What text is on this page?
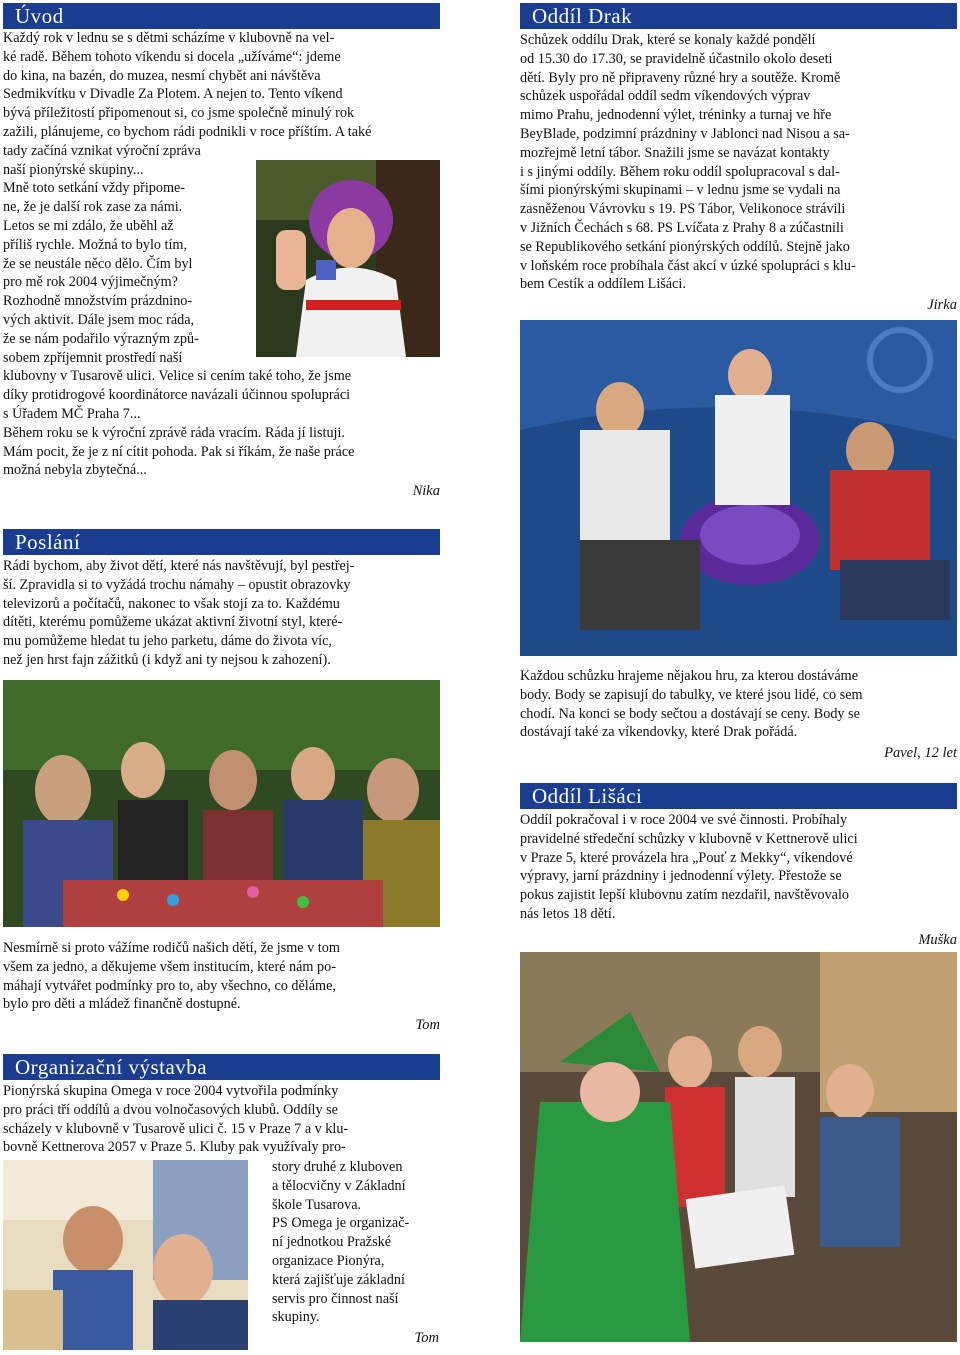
Úvod

Každý rok v lednu se s dětmi scházíme v klubovně na vel-
ké radě. Během tohoto víkendu si docela „užíváme“: jdeme
do kina, na bazén, do muzea, nesmí chybět ani návštěva
Sedmikvítku v Divadle Za Plotem. A nejen to. Tento víkend
bývá příležitostí připomenout si, co jsme společně minulý rok
zažili, plánujeme, co bychom rádi podnikli v roce příštím. A také
tady začíná vznikat výroční zpráva
naší pionýrské skupiny...
Mně toto setkání vždy připome-
ne, že je další rok zase za námi.
Letos se mi zdálo, že uběhl až
příliš rychle. Možná to bylo tím,
že se neustále něco dělo. Čím byl
pro mě rok 2004 výjimečným?
Rozhodně množstvím prázdnino-
vých aktivit. Dále jsem moc ráda,
že se nám podařilo výrazným způ-
sobem zpříjemnit prostředí naší
klubovny v Tusarově ulici. Velice si cením také toho, že jsme
díky protidrogové koordinátorce navázali účinnou spolupráci
s Úřadem MČ Praha 7...
Během roku se k výroční zprávě ráda vracím. Ráda jí listuji.
Mám pocit, že je z ní cítit pohoda. Pak si říkám, že naše práce
možná nebyla zbytečná...

Nika

Poslání

Rádi bychom, aby život dětí, které nás navštěvují, byl pestřej-
ší. Zpravidla si to vyžádá trochu námahy – opustit obrazovky
televizorů a počítačů, nakonec to však stojí za to. Každému
dítěti, kterému pomůžeme ukázat aktivní životní styl, které-
mu pomůžeme hledat tu jeho parketu, dáme do života víc,
než jen hrst fajn zážitků (i když ani ty nejsou k zahození).

Nesmírně si proto vážíme rodičů našich dětí, že jsme v tom
všem za jedno, a děkujeme všem institucím, které nám po-
máhají vytvářet podmínky pro to, aby všechno, co děláme,
bylo pro děti a mládež finančně dostupné.

Tom

Organizační výstavba

Pionýrská skupina Omega v roce 2004 vytvořila podmínky
pro práci tří oddílů a dvou volnočasových klubů. Oddíly se
scházely v klubovně v Tusarově ulici č. 15 v Praze 7 a v klu-
bovně Kettnerova 2057 v Praze 5. Kluby pak využívaly pro-

story druhé z kluboven
a tělocvičny v Základní
škole Tusarova.
PS Omega je organizač-
ní jednotkou Pražské
organizace Pionýra,
která zajišťuje základní
servis pro činnost naší
skupiny.

Tom

Oddíl Drak

Schůzek oddílu Drak, které se konaly každé pondělí
od 15.30 do 17.30, se pravidelně účastnilo okolo deseti
dětí. Byly pro ně připraveny různé hry a soutěže. Kromě
schůzek uspořádal oddíl sedm víkendových výprav
mimo Prahu, jednodenní výlet, tréninky a turnaj ve hře
BeyBlade, podzimní prázdniny v Jablonci nad Nisou a sa-
mozřejmě letní tábor. Snažili jsme se navázat kontakty
i s jinými oddíly. Během roku oddíl spolupracoval s dal-
šími pionýrskými skupinami – v lednu jsme se vydali na
zasněženou Vávrovku s 19. PS Tábor, Velikonoce strávili
v Jižních Čechách s 68. PS Lvíčata z Prahy 8 a zúčastnili
se Republikového setkání pionýrských oddílů. Stejně jako
v loňském roce probíhala část akcí v úzké spolupráci s klu-
bem Cestík a oddílem Lišáci.

Jirka

Každou schůzku hrajeme nějakou hru, za kterou dostáváme
body. Body se zapisují do tabulky, ve které jsou lidé, co sem
chodí. Na konci se body sečtou a dostávají se ceny. Body se
dostávají také za víkendovky, které Drak pořádá.

Pavel, 12 let

Oddíl Lišáci

Oddíl pokračoval i v roce 2004 ve své činnosti. Probíhaly
pravidelné středeční schůzky v klubovně v Kettnerově ulici
v Praze 5, které provázela hra „Pouť z Mekky“, víkendové
výpravy, jarní prázdniny i jednodenní výlety. Přestože se
pokus zajistit lepší klubovnu zatím nezdařil, navštěvovalo
nás letos 18 dětí.

Muška
